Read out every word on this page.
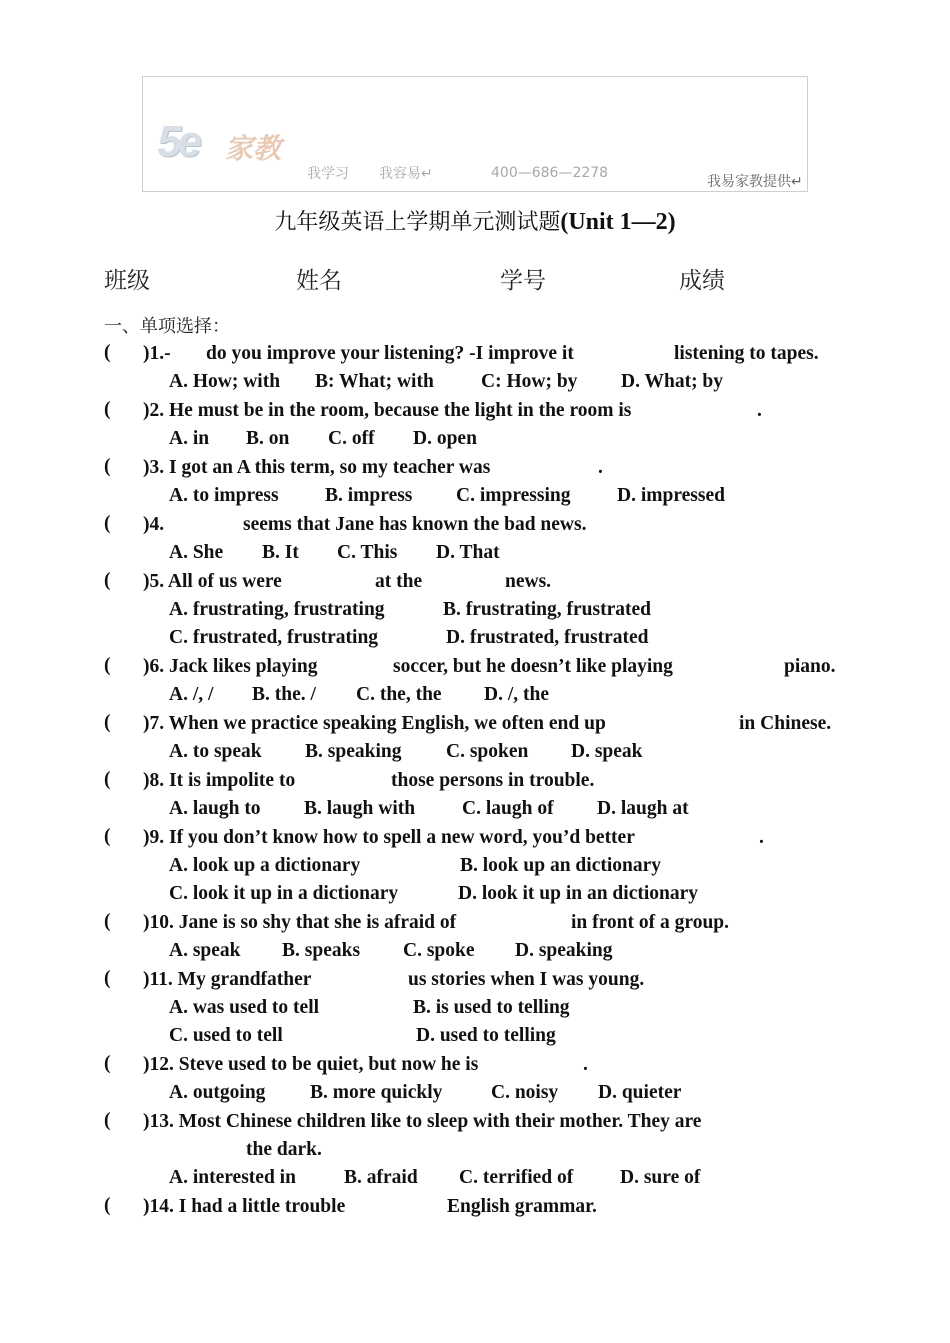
5e 家教
我学习 我容易↵	400—686—2278
我易家教提供↵
九年级英语上学期单元测试题(Unit 1—2)
班级	姓名	学号	成绩
一、单项选择：
( )1.- do you improve your listening? -I improve it	listening to tapes.
A. How; with B: What; with C: How; by D. What; by
( )2. He must be in the room, because the light in the room is	.
A. in B. on C. off D. open
( )3. I got an A this term, so my teacher was	.
A. to impress B. impress C. impressing D. impressed
( )4.	seems that Jane has known the bad news.
A. She B. It C. This D. That
( )5. All of us were	at the	news.
A. frustrating, frustrating	B. frustrating, frustrated
C. frustrated, frustrating	D. frustrated, frustrated
( )6. Jack likes playing	soccer, but he doesn’t like playing	piano.
A. /, / B. the. / C. the, the D. /, the
( )7. When we practice speaking English, we often end up	in Chinese.
A. to speak B. speaking C. spoken D. speak
( )8. It is impolite to	those persons in trouble.
A. laugh to B. laugh with C. laugh of D. laugh at
( )9. If you don’t know how to spell a new word, you’d better	.
A. look up a dictionary	B. look up an dictionary
C. look it up in a dictionary	D. look it up in an dictionary
( )10. Jane is so shy that she is afraid of	in front of a group.
A. speak B. speaks C. spoke D. speaking
( )11. My grandfather	us stories when I was young.
A. was used to tell	B. is used to telling
C. used to tell	D. used to telling
( )12. Steve used to be quiet, but now he is	.
A. outgoing B. more quickly C. noisy D. quieter
( )13. Most Chinese children like to sleep with their mother. They are
the dark.
A. interested in B. afraid C. terrified of D. sure of
( )14. I had a little trouble	English grammar.
